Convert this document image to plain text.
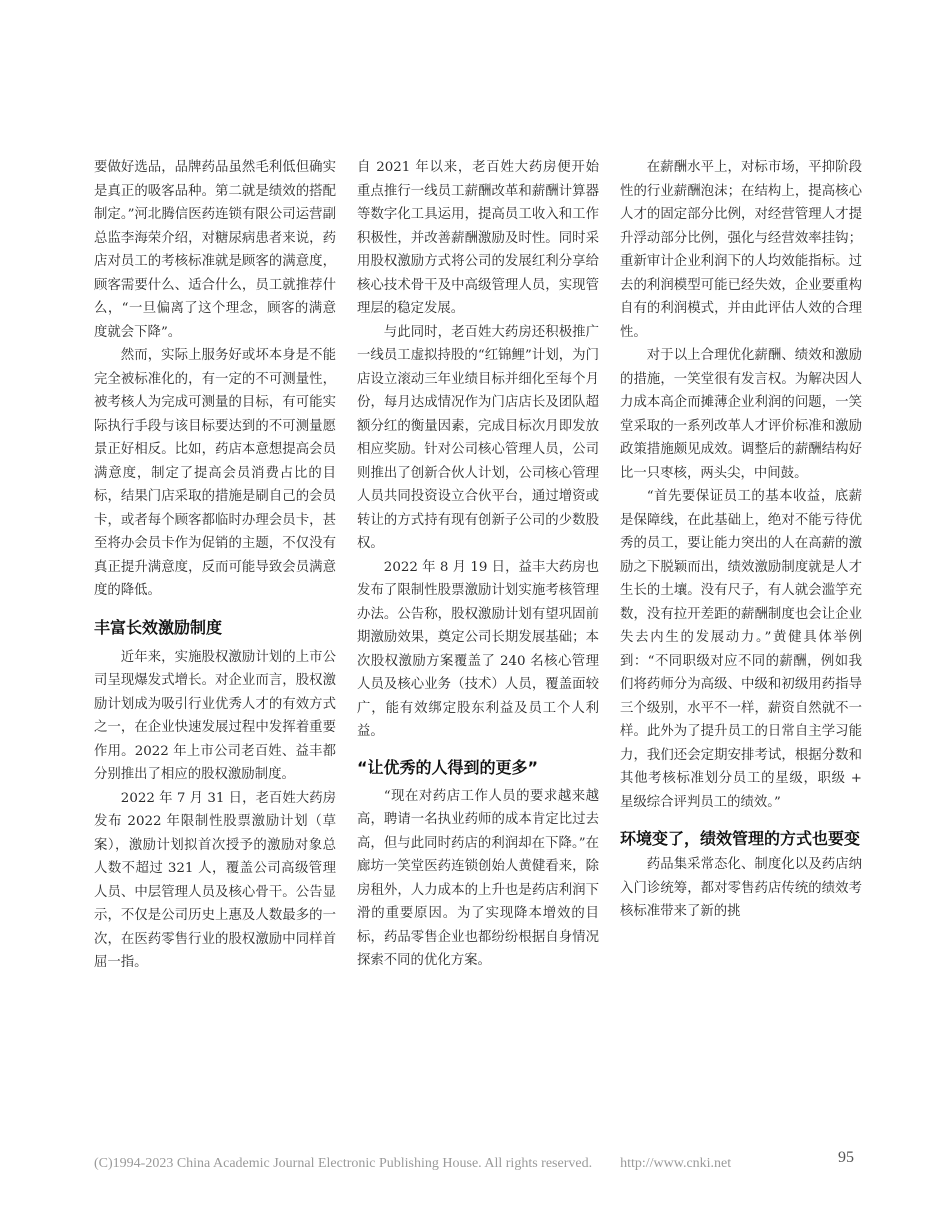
要做好选品，品牌药品虽然毛利低但确实是真正的吸客品种。第二就是绩效的搭配制定。”河北腾信医药连锁有限公司运营副总监李海荣介绍，对糖尿病患者来说，药店对员工的考核标准就是顾客的满意度，顾客需要什么、适合什么，员工就推荐什么，“一旦偏离了这个理念，顾客的满意度就会下降”。

然而，实际上服务好或坏本身是不能完全被标准化的，有一定的不可测量性，被考核人为完成可测量的目标，有可能实际执行手段与该目标要达到的不可测量愿景正好相反。比如，药店本意想提高会员满意度，制定了提高会员消费占比的目标，结果门店采取的措施是刷自己的会员卡，或者每个顾客都临时办理会员卡，甚至将办会员卡作为促销的主题，不仅没有真正提升满意度，反而可能导致会员满意度的降低。

丰富长效激励制度

近年来，实施股权激励计划的上市公司呈现爆发式增长。对企业而言，股权激励计划成为吸引行业优秀人才的有效方式之一，在企业快速发展过程中发挥着重要作用。2022 年上市公司老百姓、益丰都分别推出了相应的股权激励制度。

2022 年 7 月 31 日，老百姓大药房发布 2022 年限制性股票激励计划（草案），激励计划拟首次授予的激励对象总人数不超过 321 人，覆盖公司高级管理人员、中层管理人员及核心骨干。公告显示，不仅是公司历史上惠及人数最多的一次，在医药零售行业的股权激励中同样首屈一指。

自 2021 年以来，老百姓大药房便开始重点推行一线员工薪酬改革和薪酬计算器等数字化工具运用，提高员工收入和工作积极性，并改善薪酬激励及时性。同时采用股权激励方式将公司的发展红利分享给核心技术骨干及中高级管理人员，实现管理层的稳定发展。

与此同时，老百姓大药房还积极推广一线员工虚拟持股的“红锦鲤”计划，为门店设立滚动三年业绩目标并细化至每个月份，每月达成情况作为门店店长及团队超额分红的衡量因素，完成目标次月即发放相应奖励。针对公司核心管理人员，公司则推出了创新合伙人计划，公司核心管理人员共同投资设立合伙平台，通过增资或转让的方式持有现有创新子公司的少数股权。

2022 年 8 月 19 日，益丰大药房也发布了限制性股票激励计划实施考核管理办法。公告称，股权激励计划有望巩固前期激励效果，奠定公司长期发展基础；本次股权激励方案覆盖了 240 名核心管理人员及核心业务（技术）人员，覆盖面较广，能有效绑定股东利益及员工个人利益。

“让优秀的人得到的更多”

“现在对药店工作人员的要求越来越高，聘请一名执业药师的成本肯定比过去高，但与此同时药店的利润却在下降。”在廊坊一笑堂医药连锁创始人黄健看来，除房租外，人力成本的上升也是药店利润下滑的重要原因。为了实现降本增效的目标，药品零售企业也都纷纷根据自身情况探索不同的优化方案。

在薪酬水平上，对标市场，平抑阶段性的行业薪酬泡沫；在结构上，提高核心人才的固定部分比例，对经营管理人才提升浮动部分比例，强化与经营效率挂钩；重新审计企业利润下的人均效能指标。过去的利润模型可能已经失效，企业要重构自有的利润模式，并由此评估人效的合理性。

对于以上合理优化薪酬、绩效和激励的措施，一笑堂很有发言权。为解决因人力成本高企而摊薄企业利润的问题，一笑堂采取的一系列改革人才评价标准和激励政策措施颇见成效。调整后的薪酬结构好比一只枣核，两头尖，中间鼓。

“首先要保证员工的基本收益，底薪是保障线，在此基础上，绝对不能亏待优秀的员工，要让能力突出的人在高薪的激励之下脱颖而出，绩效激励制度就是人才生长的土壤。没有尺子，有人就会滥竽充数，没有拉开差距的薪酬制度也会让企业失去内生的发展动力。”黄健具体举例到：“不同职级对应不同的薪酬，例如我们将药师分为高级、中级和初级用药指导三个级别，水平不一样，薪资自然就不一样。此外为了提升员工的日常自主学习能力，我们还会定期安排考试，根据分数和其他考核标准划分员工的星级，职级 + 星级综合评判员工的绩效。”

环境变了，绩效管理的方式也要变

药品集采常态化、制度化以及药店纳入门诊统筹，都对零售药店传统的绩效考核标准带来了新的挑

(C)1994-2023 China Academic Journal Electronic Publishing House. All rights reserved. http://www.cnki.net	95
